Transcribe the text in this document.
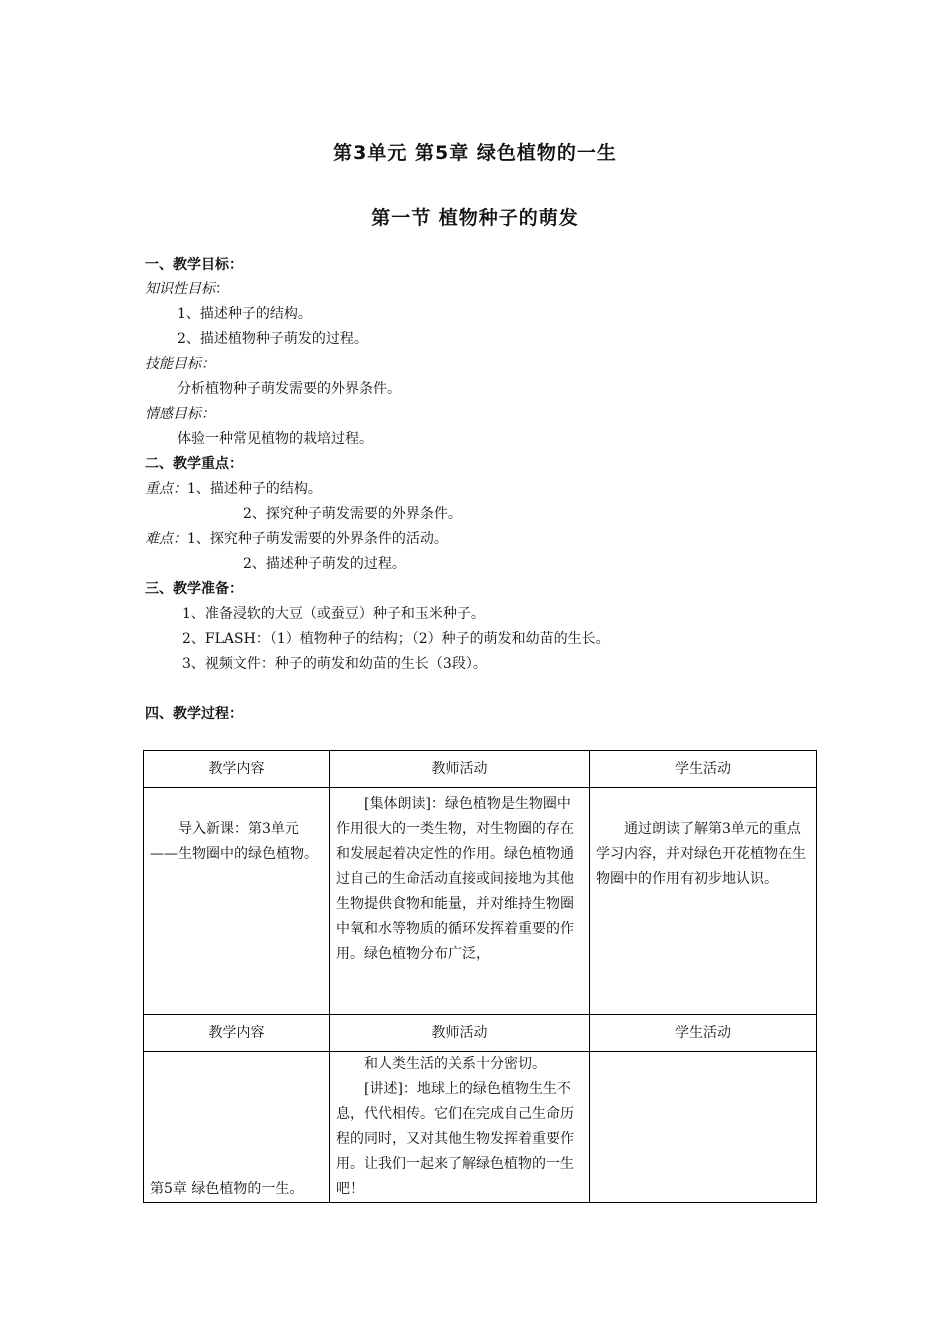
第3单元 第5章 绿色植物的一生
第一节 植物种子的萌发
一、教学目标：
知识性目标：
1、描述种子的结构。
2、描述植物种子萌发的过程。
技能目标：
分析植物种子萌发需要的外界条件。
情感目标：
体验一种常见植物的栽培过程。
二、教学重点：
重点：1、描述种子的结构。
2、探究种子萌发需要的外界条件。
难点：1、探究种子萌发需要的外界条件的活动。
2、描述种子萌发的过程。
三、教学准备：
1、准备浸软的大豆（或蚕豆）种子和玉米种子。
2、FLASH：（1）植物种子的结构；（2）种子的萌发和幼苗的生长。
3、视频文件：种子的萌发和幼苗的生长（3段）。
四、教学过程：
教学内容	教师活动	学生活动

导入新课：第3单元——生物圈中的绿色植物。	[集体朗读]：绿色植物是生物圈中作用很大的一类生物，对生物圈的存在和发展起着决定性的作用。绿色植物通过自己的生命活动直接或间接地为其他生物提供食物和能量，并对维持生物圈中氧和水等物质的循环发挥着重要的作用。绿色植物分布广泛，	通过朗读了解第3单元的重点学习内容，并对绿色开花植物在生物圈中的作用有初步地认识。

教学内容	教师活动	学生活动

第5章 绿色植物的一生。	和人类生活的关系十分密切。
[讲述]：地球上的绿色植物生生不息，代代相传。它们在完成自己生命历程的同时，又对其他生物发挥着重要作用。让我们一起来了解绿色植物的一生吧！	
